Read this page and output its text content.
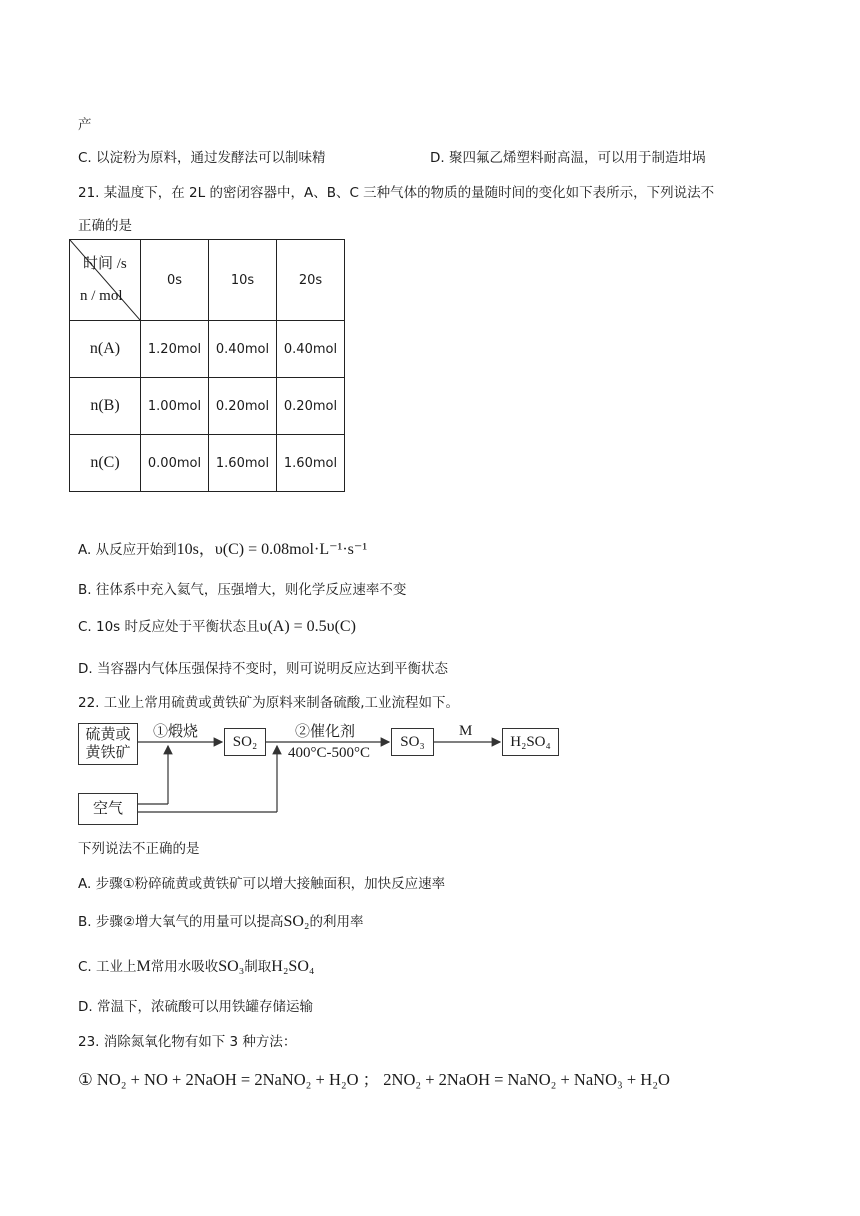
产
C. 以淀粉为原料，通过发酵法可以制味精	D. 聚四氟乙烯塑料耐高温，可以用于制造坩埚
21. 某温度下，在 2L 的密闭容器中，A、B、C 三种气体的物质的量随时间的变化如下表所示，下列说法不
正确的是
时间 /s
n / mol	0s	10s	20s
n(A)	1.20mol	0.40mol	0.40mol
n(B)	1.00mol	0.20mol	0.20mol
n(C)	0.00mol	1.60mol	1.60mol
A. 从反应开始到10s，υ(C) = 0.08mol·L⁻¹·s⁻¹
B. 往体系中充入氦气，压强增大，则化学反应速率不变
C. 10s 时反应处于平衡状态且υ(A) = 0.5υ(C)
D. 当容器内气体压强保持不变时，则可说明反应达到平衡状态
22. 工业上常用硫黄或黄铁矿为原料来制备硫酸,工业流程如下。
硫黄或
黄铁矿
①煅烧
SO₂
②催化剂
400°C-500°C
SO₃
M
H₂SO₄
空气
下列说法不正确的是
A. 步骤①粉碎硫黄或黄铁矿可以增大接触面积，加快反应速率
B. 步骤②增大氧气的用量可以提高SO₂的利用率
C. 工业上M常用水吸收SO₃制取H₂SO₄
D. 常温下，浓硫酸可以用铁罐存储运输
23. 消除氮氧化物有如下 3 种方法：
① NO₂ + NO + 2NaOH = 2NaNO₂ + H₂O ； 2NO₂ + 2NaOH = NaNO₂ + NaNO₃ + H₂O
